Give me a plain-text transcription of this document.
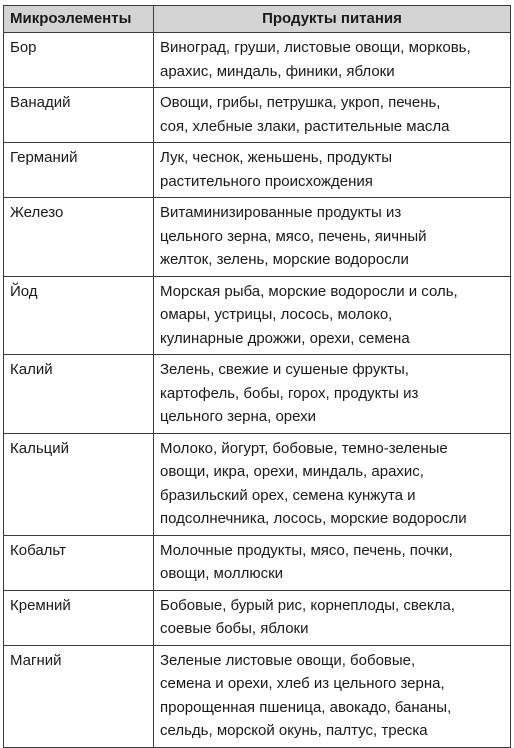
Микроэлементы	Продукты питания
Бор	Виноград, груши, листовые овощи, морковь,
арахис, миндаль, финики, яблоки

Ванадий	Овощи, грибы, петрушка, укроп, печень,
соя, хлебные злаки, растительные масла

Германий	Лук, чеснок, женьшень, продукты
растительного происхождения

Железо	Витаминизированные продукты из
цельного зерна, мясо, печень, яичный
желток, зелень, морские водоросли

Йод	Морская рыба, морские водоросли и соль,
омары, устрицы, лосось, молоко,
кулинарные дрожжи, орехи, семена

Калий	Зелень, свежие и сушеные фрукты,
картофель, бобы, горох, продукты из
цельного зерна, орехи

Кальций	Молоко, йогурт, бобовые, темно-зеленые
овощи, икра, орехи, миндаль, арахис,
бразильский орех, семена кунжута и
подсолнечника, лосось, морские водоросли

Кобальт	Молочные продукты, мясо, печень, почки,
овощи, моллюски

Кремний	Бобовые, бурый рис, корнеплоды, свекла,
соевые бобы, яблоки

Магний	Зеленые листовые овощи, бобовые,
семена и орехи, хлеб из цельного зерна,
пророщенная пшеница, авокадо, бананы,
сельдь, морской окунь, палтус, треска
